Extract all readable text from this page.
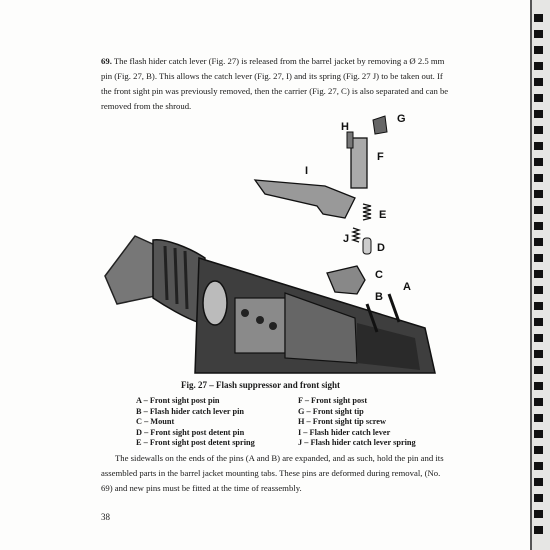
69. The flash hider catch lever (Fig. 27) is released from the barrel jacket by removing a Ø 2.5 mm pin (Fig. 27, B). This allows the catch lever (Fig. 27, I) and its spring (Fig. 27 J) to be taken out. If the front sight pin was previously removed, then the carrier (Fig. 27, C) is also separated and can be removed from the shroud.

H
G
F
I
E
J
D
C
B
A
Fig. 27 – Flash suppressor and front sight
A – Front sight post pin
B – Flash hider catch lever pin
C – Mount
D – Front sight post detent pin
E – Front sight post detent spring
F – Front sight post
G – Front sight tip
H – Front sight tip screw
I – Flash hider catch lever
J – Flash hider catch lever spring

The sidewalls on the ends of the pins (A and B) are expanded, and as such, hold the pin and its assembled parts in the barrel jacket mounting tabs. These pins are deformed during removal, (No. 69) and new pins must be fitted at the time of reassembly.

38
